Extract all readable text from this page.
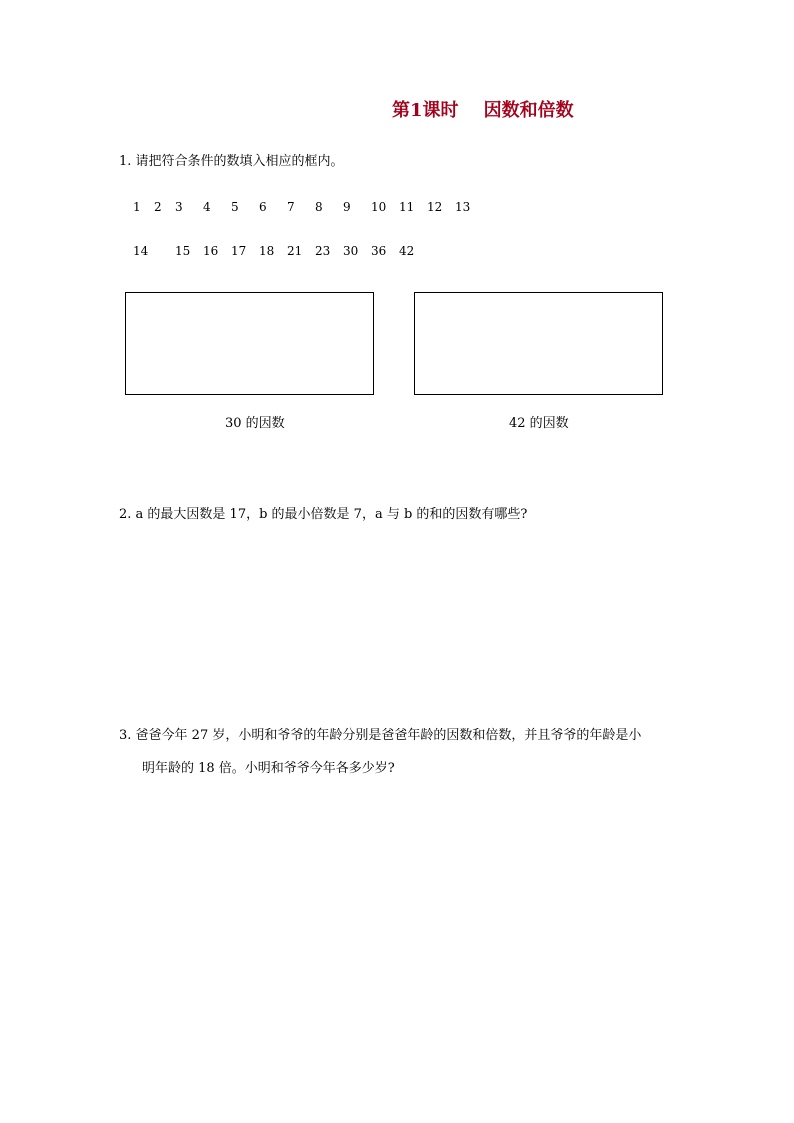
第1课时    因数和倍数
1. 请把符合条件的数填入相应的框内。
1 2 3 4 5 6 7 8 9 10 11 12 13
14 15 16 17 18 21 23 30 36 42
30 的因数	42 的因数
2. a 的最大因数是 17，b 的最小倍数是 7，a 与 b 的和的因数有哪些?
3. 爸爸今年 27 岁，小明和爷爷的年龄分别是爸爸年龄的因数和倍数，并且爷爷的年龄是小
明年龄的 18 倍。小明和爷爷今年各多少岁?
